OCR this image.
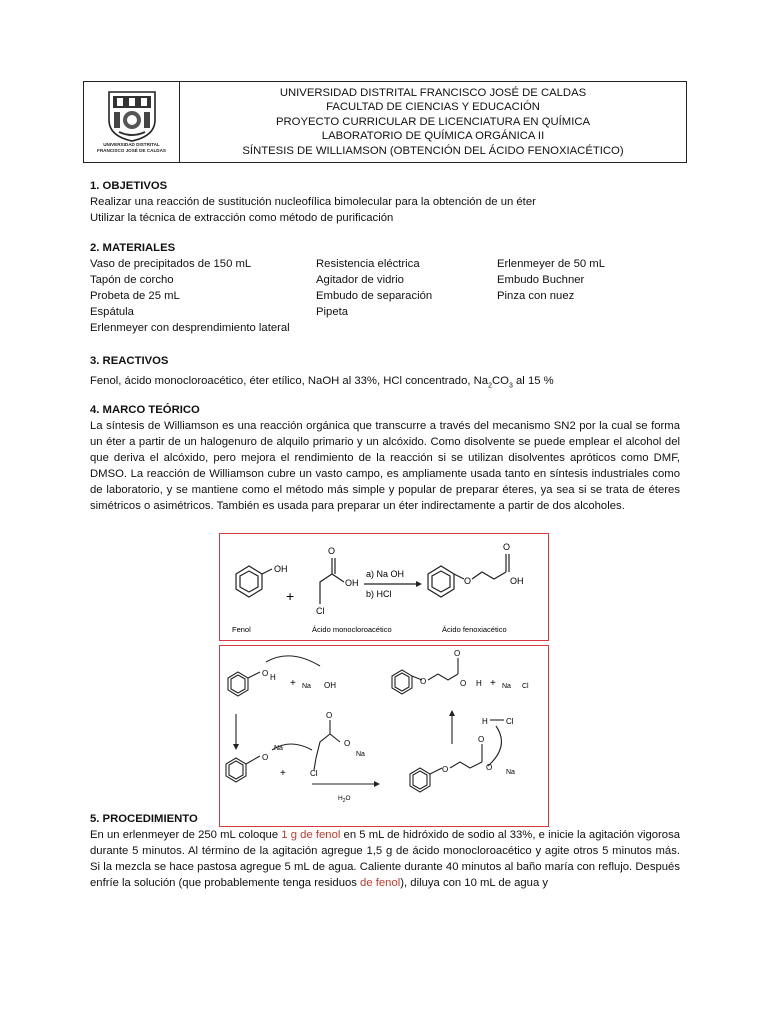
UNIVERSIDAD DISTRITAL
FRANCISCO JOSÉ DE CALDAS
UNIVERSIDAD DISTRITAL FRANCISCO JOSÉ DE CALDAS
FACULTAD DE CIENCIAS Y EDUCACIÓN
PROYECTO CURRICULAR DE LICENCIATURA EN QUÍMICA
LABORATORIO DE QUÍMICA ORGÁNICA II
SÍNTESIS DE WILLIAMSON (OBTENCIÓN DEL ÁCIDO FENOXIACÉTICO)
1. OBJETIVOS
Realizar una reacción de sustitución nucleofílica bimolecular para la obtención de un éter
Utilizar la técnica de extracción como método de purificación
2. MATERIALES
Vaso de precipitados de 150 mL	Resistencia eléctrica	Erlenmeyer de 50 mL
Tapón de corcho	Agitador de vidrio	Embudo Buchner
Probeta de 25 mL	Embudo de separación	Pinza con nuez
Espátula	Pipeta
Erlenmeyer con desprendimiento lateral
3. REACTIVOS
Fenol, ácido monocloroacético, éter etílico, NaOH al 33%, HCl concentrado, $Na_2CO_3$ al 15 %
4. MARCO TEÓRICO
La síntesis de Williamson es una reacción orgánica que transcurre a través del mecanismo SN2 por la cual se forma un éter a partir de un halogenuro de alquilo primario y un alcóxido. Como disolvente se puede emplear el alcohol del que deriva el alcóxido, pero mejora el rendimiento de la reacción si se utilizan disolventes apróticos como DMF, DMSO. La reacción de Williamson cubre un vasto campo, es ampliamente usada tanto en síntesis industriales como de laboratorio, y se mantiene como el método más simple y popular de preparar éteres, ya sea si se trata de éteres simétricos o asimétricos. También es usada para preparar un éter indirectamente a partir de dos alcoholes.
OH
+
O
OH
Cl
a) Na OH
b) HCl
O
O
OH
Fenol	Ácido monocloroacético	Ácido fenoxiacético
O H
+ Na OH
O
Na
O
O
Na
+	Cl
$H_2O$
O
O
O H + Na Cl
H Cl
O
O
O
Na
5. PROCEDIMIENTO
En un erlenmeyer de 250 mL coloque 1 g de fenol en 5 mL de hidróxido de sodio al 33%, e inicie la agitación vigorosa durante 5 minutos. Al término de la agitación agregue 1,5 g de ácido monocloroacético y agite otros 5 minutos más. Si la mezcla se hace pastosa agregue 5 mL de agua. Caliente durante 40 minutos al baño maría con reflujo. Después enfríe la solución (que probablemente tenga residuos de fenol), diluya con 10 mL de agua y
